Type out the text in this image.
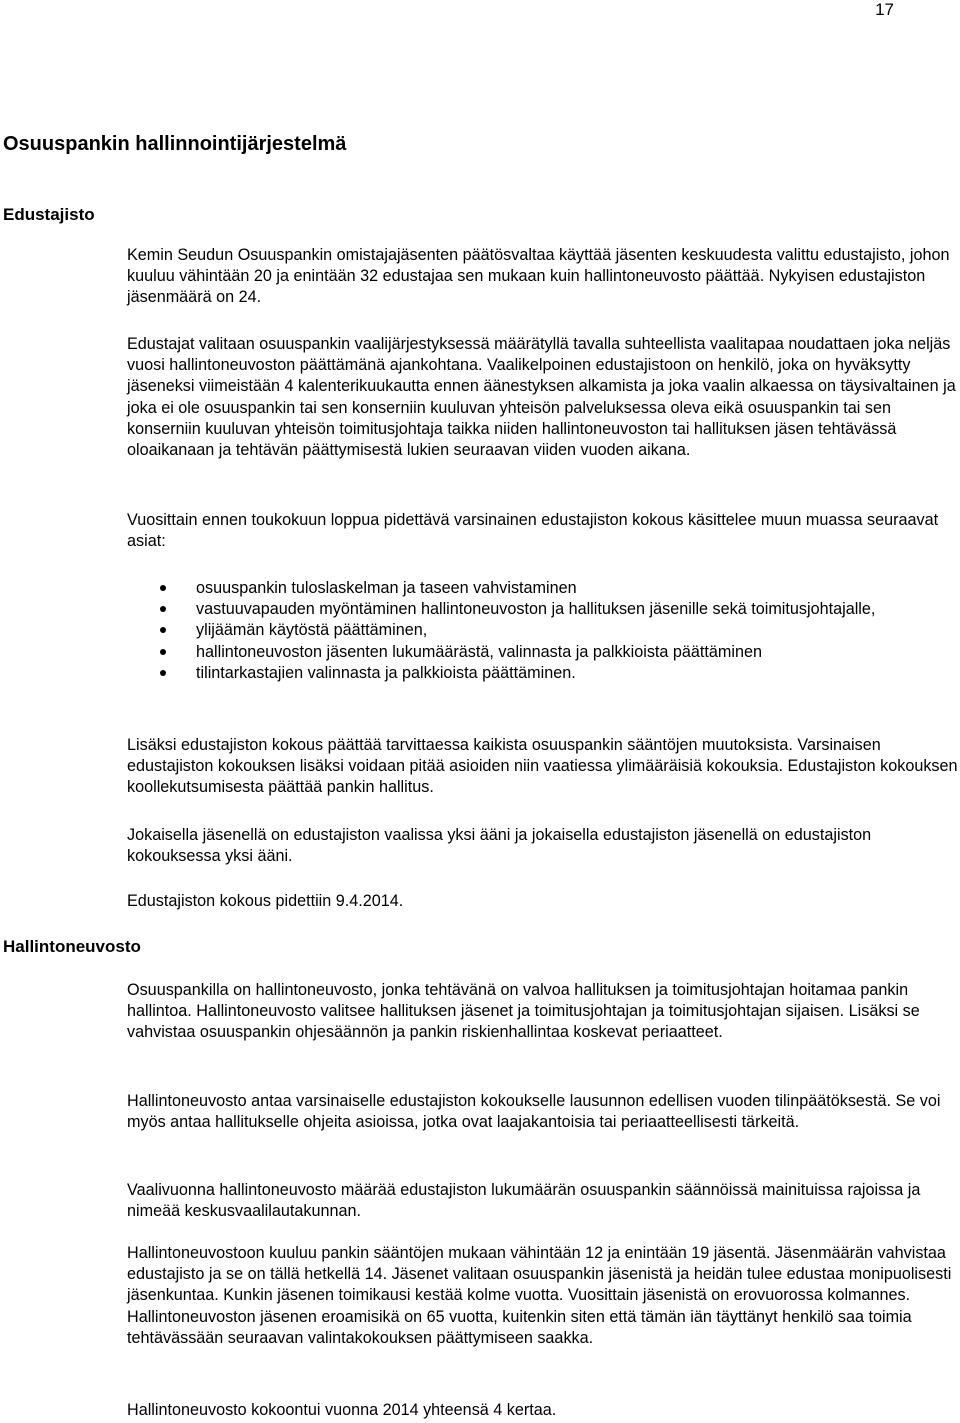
17
Osuuspankin hallinnointijärjestelmä
Edustajisto

Kemin Seudun Osuuspankin omistajajäsenten päätösvaltaa käyttää jäsenten keskuudesta valittu edustajisto, johon kuuluu vähintään 20 ja enintään 32 edustajaa sen mukaan kuin hallintoneuvosto päättää. Nykyisen edustajiston jäsenmäärä on 24.

Edustajat valitaan osuuspankin vaalijärjestyksessä määrätyllä tavalla suhteellista vaalitapaa noudattaen joka neljäs vuosi hallintoneuvoston päättämänä ajankohtana. Vaalikelpoinen edustajistoon on henkilö, joka on hyväksytty jäseneksi viimeistään 4 kalenterikuukautta ennen äänestyksen alkamista ja joka vaalin alkaessa on täysivaltainen ja joka ei ole osuuspankin tai sen konserniin kuuluvan yhteisön palveluksessa oleva eikä osuuspankin tai sen konserniin kuuluvan yhteisön toimitusjohtaja taikka niiden hallintoneuvoston tai hallituksen jäsen tehtävässä oloaikanaan ja tehtävän päättymisestä lukien seuraavan viiden vuoden aikana.

Vuosittain ennen toukokuun loppua pidettävä varsinainen edustajiston kokous käsittelee muun muassa seuraavat asiat:

osuuspankin tuloslaskelman ja taseen vahvistaminen
vastuuvapauden myöntäminen hallintoneuvoston ja hallituksen jäsenille sekä toimitusjohtajalle,
ylijäämän käytöstä päättäminen,
hallintoneuvoston jäsenten lukumäärästä, valinnasta ja palkkioista päättäminen
tilintarkastajien valinnasta ja palkkioista päättäminen.

Lisäksi edustajiston kokous päättää tarvittaessa kaikista osuuspankin sääntöjen muutoksista. Varsinaisen edustajiston kokouksen lisäksi voidaan pitää asioiden niin vaatiessa ylimääräisiä kokouksia. Edustajiston kokouksen koollekutsumisesta päättää pankin hallitus.

Jokaisella jäsenellä on edustajiston vaalissa yksi ääni ja jokaisella edustajiston jäsenellä on edustajiston kokouksessa yksi ääni.

Edustajiston kokous pidettiin 9.4.2014.

Hallintoneuvosto

Osuuspankilla on hallintoneuvosto, jonka tehtävänä on valvoa hallituksen ja toimitusjohtajan hoitamaa pankin hallintoa. Hallintoneuvosto valitsee hallituksen jäsenet ja toimitusjohtajan ja toimitusjohtajan sijaisen. Lisäksi se vahvistaa osuuspankin ohjesäännön ja pankin riskienhallintaa koskevat periaatteet.

Hallintoneuvosto antaa varsinaiselle edustajiston kokoukselle lausunnon edellisen vuoden tilinpäätöksestä. Se voi myös antaa hallitukselle ohjeita asioissa, jotka ovat laajakantoisia tai periaatteellisesti tärkeitä.

Vaalivuonna hallintoneuvosto määrää edustajiston lukumäärän osuuspankin säännöissä mainituissa rajoissa ja nimeää keskusvaalilautakunnan.

Hallintoneuvostoon kuuluu pankin sääntöjen mukaan vähintään 12 ja enintään 19 jäsentä. Jäsenmäärän vahvistaa edustajisto ja se on tällä hetkellä 14. Jäsenet valitaan osuuspankin jäsenistä ja heidän tulee edustaa monipuolisesti jäsenkuntaa. Kunkin jäsenen toimikausi kestää kolme vuotta. Vuosittain jäsenistä on erovuorossa kolmannes. Hallintoneuvoston jäsenen eroamisikä on 65 vuotta, kuitenkin siten että tämän iän täyttänyt henkilö saa toimia tehtävässään seuraavan valintakokouksen päättymiseen saakka.

Hallintoneuvosto kokoontui vuonna 2014 yhteensä 4 kertaa.
